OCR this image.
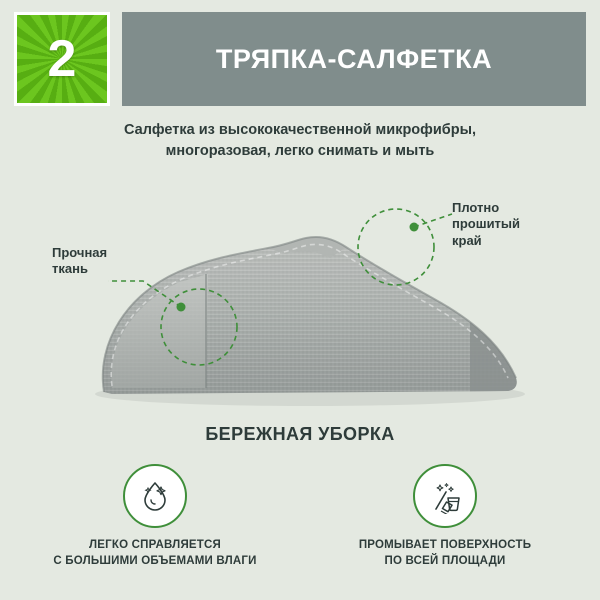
2	ТРЯПКА-САЛФЕТКА
Салфетка из высококачественной микрофибры,
многоразовая, легко снимать и мыть
Прочная
ткань
Плотно
прошитый
край
БЕРЕЖНАЯ УБОРКА
ЛЕГКО СПРАВЛЯЕТСЯ
С БОЛЬШИМИ ОБЪЕМАМИ ВЛАГИ
ПРОМЫВАЕТ ПОВЕРХНОСТЬ
ПО ВСЕЙ ПЛОЩАДИ
